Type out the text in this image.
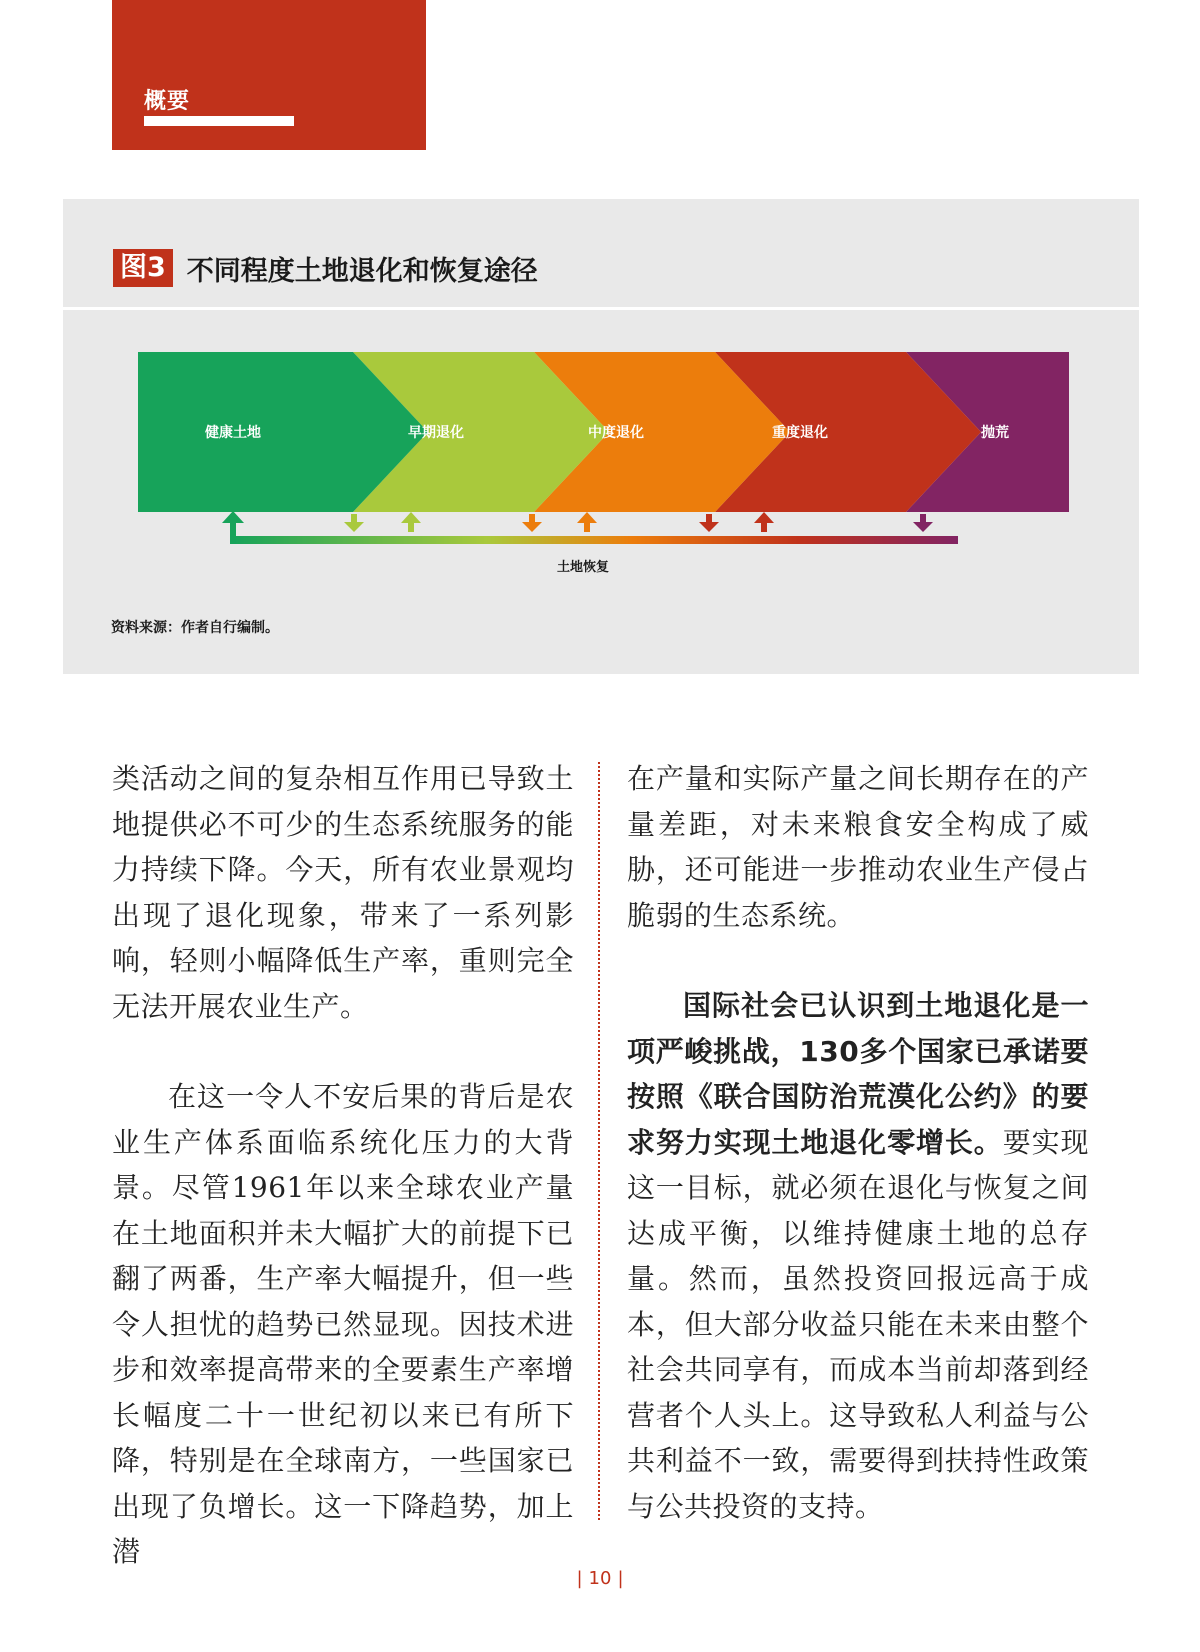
概要
图3 不同程度土地退化和恢复途径
健康土地	早期退化	中度退化	重度退化	抛荒
土地恢复
资料来源：作者自行编制。

类活动之间的复杂相互作用已导致土地提供必不可少的生态系统服务的能力持续下降。今天，所有农业景观均出现了退化现象，带来了一系列影响，轻则小幅降低生产率，重则完全无法开展农业生产。

在这一令人不安后果的背后是农业生产体系面临系统化压力的大背景。尽管1961年以来全球农业产量在土地面积并未大幅扩大的前提下已翻了两番，生产率大幅提升，但一些令人担忧的趋势已然显现。因技术进步和效率提高带来的全要素生产率增长幅度二十一世纪初以来已有所下降，特别是在全球南方，一些国家已出现了负增长。这一下降趋势，加上潜

在产量和实际产量之间长期存在的产量差距，对未来粮食安全构成了威胁，还可能进一步推动农业生产侵占脆弱的生态系统。

国际社会已认识到土地退化是一项严峻挑战，130多个国家已承诺要按照《联合国防治荒漠化公约》的要求努力实现土地退化零增长。要实现这一目标，就必须在退化与恢复之间达成平衡，以维持健康土地的总存量。然而，虽然投资回报远高于成本，但大部分收益只能在未来由整个社会共同享有，而成本当前却落到经营者个人头上。这导致私人利益与公共利益不一致，需要得到扶持性政策与公共投资的支持。

| 10 |
